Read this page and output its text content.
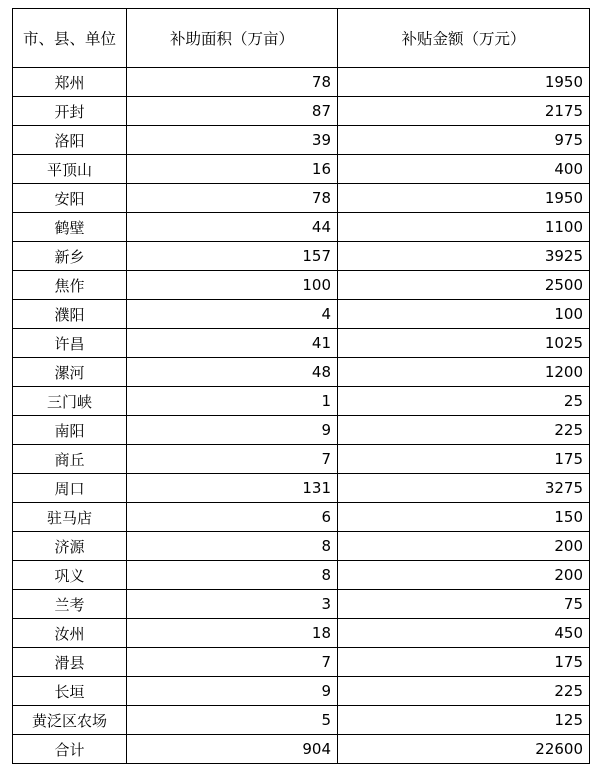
市、县、单位	补助面积（万亩）	补贴金额（万元）
郑州	78	1950
开封	87	2175
洛阳	39	975
平顶山	16	400
安阳	78	1950
鹤壁	44	1100
新乡	157	3925
焦作	100	2500
濮阳	4	100
许昌	41	1025
漯河	48	1200
三门峡	1	25
南阳	9	225
商丘	7	175
周口	131	3275
驻马店	6	150
济源	8	200
巩义	8	200
兰考	3	75
汝州	18	450
滑县	7	175
长垣	9	225
黄泛区农场	5	125
合计	904	22600
